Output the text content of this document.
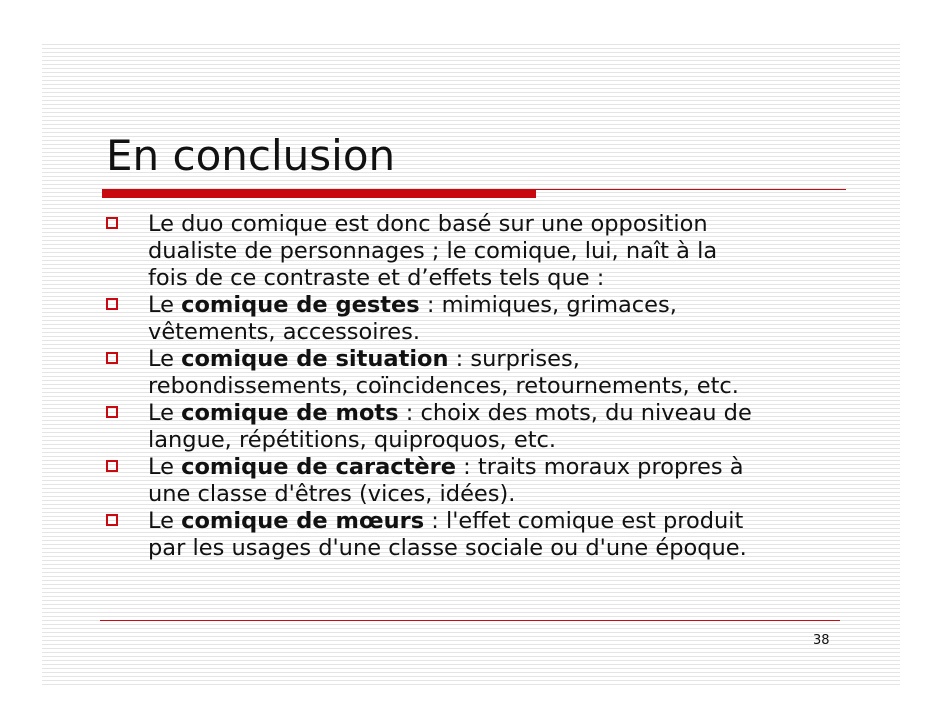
En conclusion
Le duo comique est donc basé sur une opposition
dualiste de personnages ; le comique, lui, naît à la
fois de ce contraste et d’effets tels que :
Le comique de gestes : mimiques, grimaces,
vêtements, accessoires.
Le comique de situation : surprises,
rebondissements, coïncidences, retournements, etc.
Le comique de mots : choix des mots, du niveau de
langue, répétitions, quiproquos, etc.
Le comique de caractère : traits moraux propres à
une classe d'êtres (vices, idées).
Le comique de mœurs : l'effet comique est produit
par les usages d'une classe sociale ou d'une époque.
38
